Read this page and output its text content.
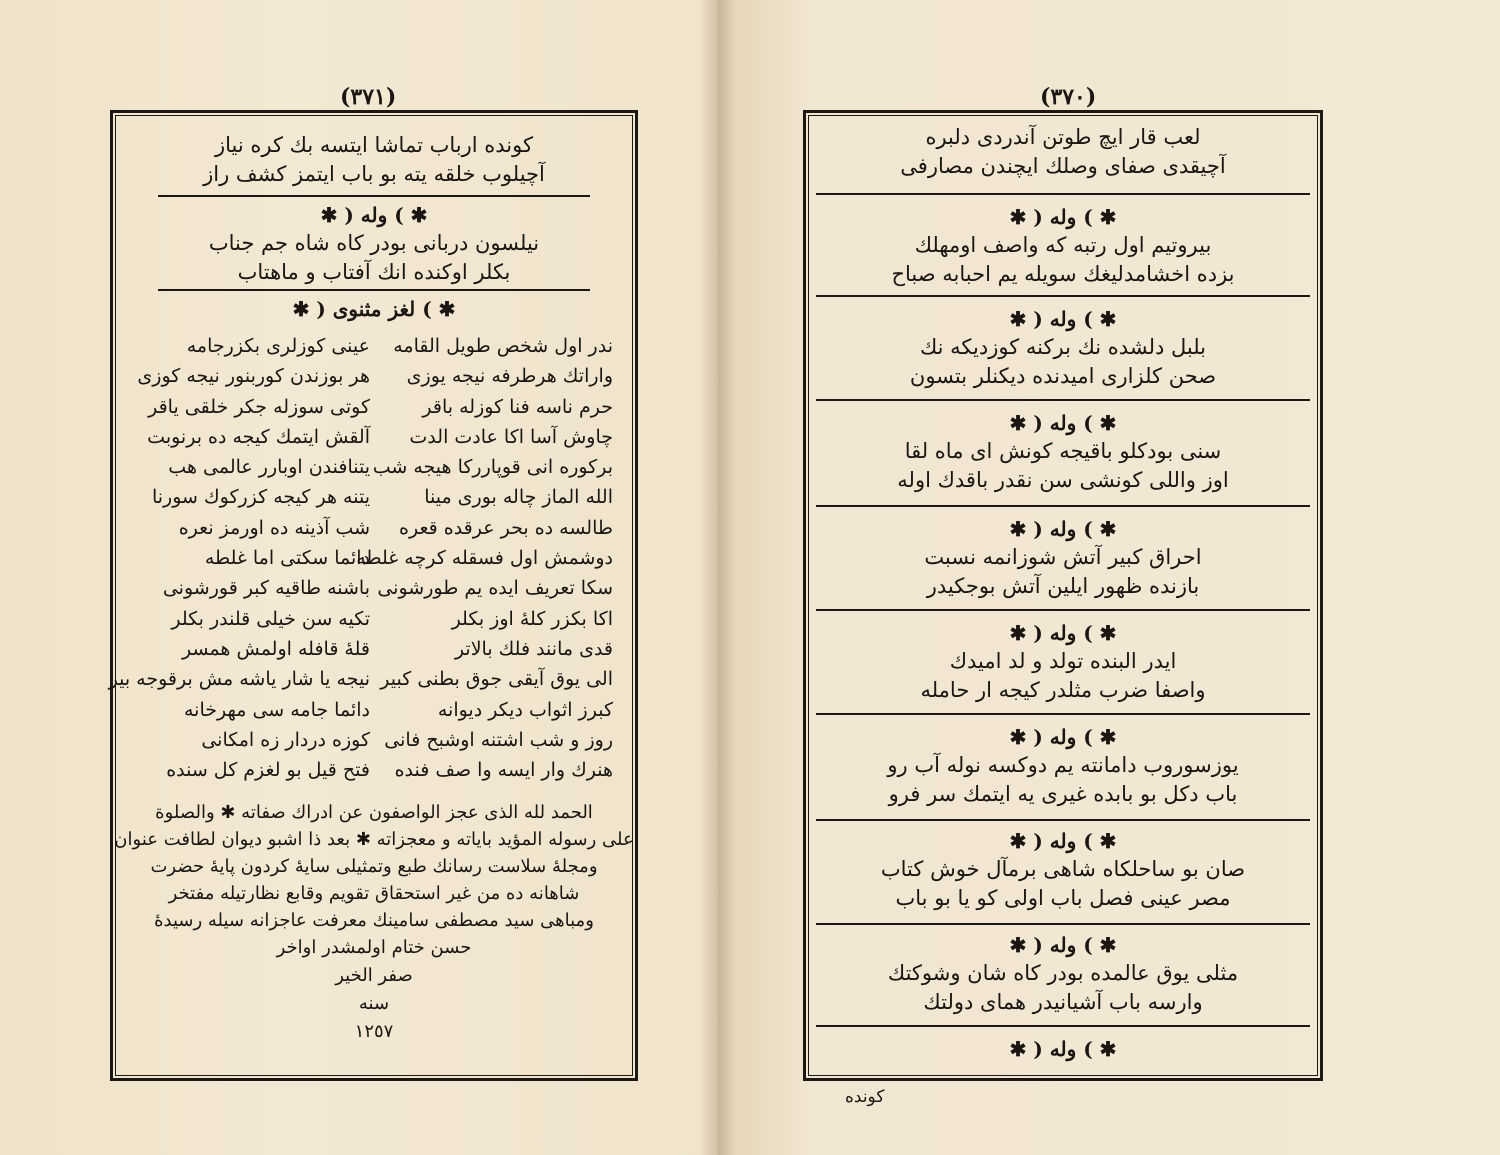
(٣٧١)
كونده ارباب تماشا ايتسه بك كره نياز
آچيلوب خلقه يته بو باب ايتمز كشف راز
✱ ) وله ( ✱
نيلسون دربانى بودر كاه شاه جم جناب
بكلر اوكنده انك آفتاب و ماهتاب
✱ ) لغز مثنوى ( ✱
ندر اول شخص طويل القامه
واراتك هرطرفه نيجه يوزى
حرم ناسه فنا كوزله باقر
چاوش آسا اكا عادت الدت
بركوره انى قوپارركا هيجه شب
الله الماز چاله بورى مينا
طالسه ده بحر عرقده قعره
دوشمش اول فسقله كرچه غلطه
سكا تعريف ايده يم طورشونى
اكا بكزر كلهٔ اوز بكلر
قدى مانند فلك بالاتر
الى يوق آيقى جوق بطنى كبير
كبرز اثواب ديكر ديوانه
روز و شب اشتنه اوشبح فانى
هنرك وار ايسه وا صف فنده
عينى كوزلرى بكزرجامه
هر بوزندن كوربنور نيجه كوزى
كوتى سوزله جكر خلقى ياقر
آلقش ايتمك كيجه ده برنوبت
يتنافندن اوبارر عالمى هب
يتنه هر كيجه كزركوك سورنا
شب آذينه ده اورمز نعره
دائما سكتى اما غلطه
باشنه طاقيه كبر قورشونى
تكيه سن خيلى قلندر بكلر
قلهٔ قافله اولمش همسر
نيجه يا شار ياشه مش برقوجه بير
دائما جامه سى مهرخانه
كوزه دردار زه امكانى
فتح قيل بو لغزم كل سنده
الحمد لله الذى عجز الواصفون عن ادراك صفاته ✱ والصلوة
على رسوله المؤيد باياته و معجزاته ✱ بعد ذا اشبو ديوان لطافت عنوان
ومجلهٔ سلاست رسانك طبع وتمثيلى سايهٔ كردون پايهٔ حضرت
شاهانه ده من غير استحقاق تقويم وقابع نظارتيله مفتخر
ومباهى سيد مصطفى سامينك معرفت عاجزانه سيله رسيدهٔ
حسن ختام اولمشدر اواخر
صفر الخير
سنه
١٢٥٧
(٣٧٠)
لعب قار ايچ طوتن آندردى دلبره
آچيقدى صفاى وصلك ايچندن مصارفى
✱ ) وله ( ✱
بيروتيم اول رتبه كه واصف اومهلك
بزده اخشامدليغك سويله يم احبابه صباح
✱ ) وله ( ✱
بلبل دلشده نك بركنه كوزديكه نك
صحن كلزارى اميدنده ديكنلر بتسون
✱ ) وله ( ✱
سنى بودكلو باقيجه كونش اى ماه لقا
اوز واللى كونشى سن نقدر باقدك اوله
✱ ) وله ( ✱
احراق كبير آتش شوزانمه نسبت
بازنده ظهور ايلين آتش بوجكيدر
✱ ) وله ( ✱
ايدر البنده تولد و لد اميدك
واصفا ضرب مثلدر كيجه ار حامله
✱ ) وله ( ✱
يوزسوروب دامانته يم دوكسه نوله آب رو
باب دكل بو بابده غيرى يه ايتمك سر فرو
✱ ) وله ( ✱
صان بو ساحلكاه شاهى برمآل خوش كتاب
مصر عينى فصل باب اولى كو يا بو باب
✱ ) وله ( ✱
مثلى يوق عالمده بودر كاه شان وشوكتك
وارسه باب آشيانيدر هماى دولتك
✱ ) وله ( ✱
كونده
